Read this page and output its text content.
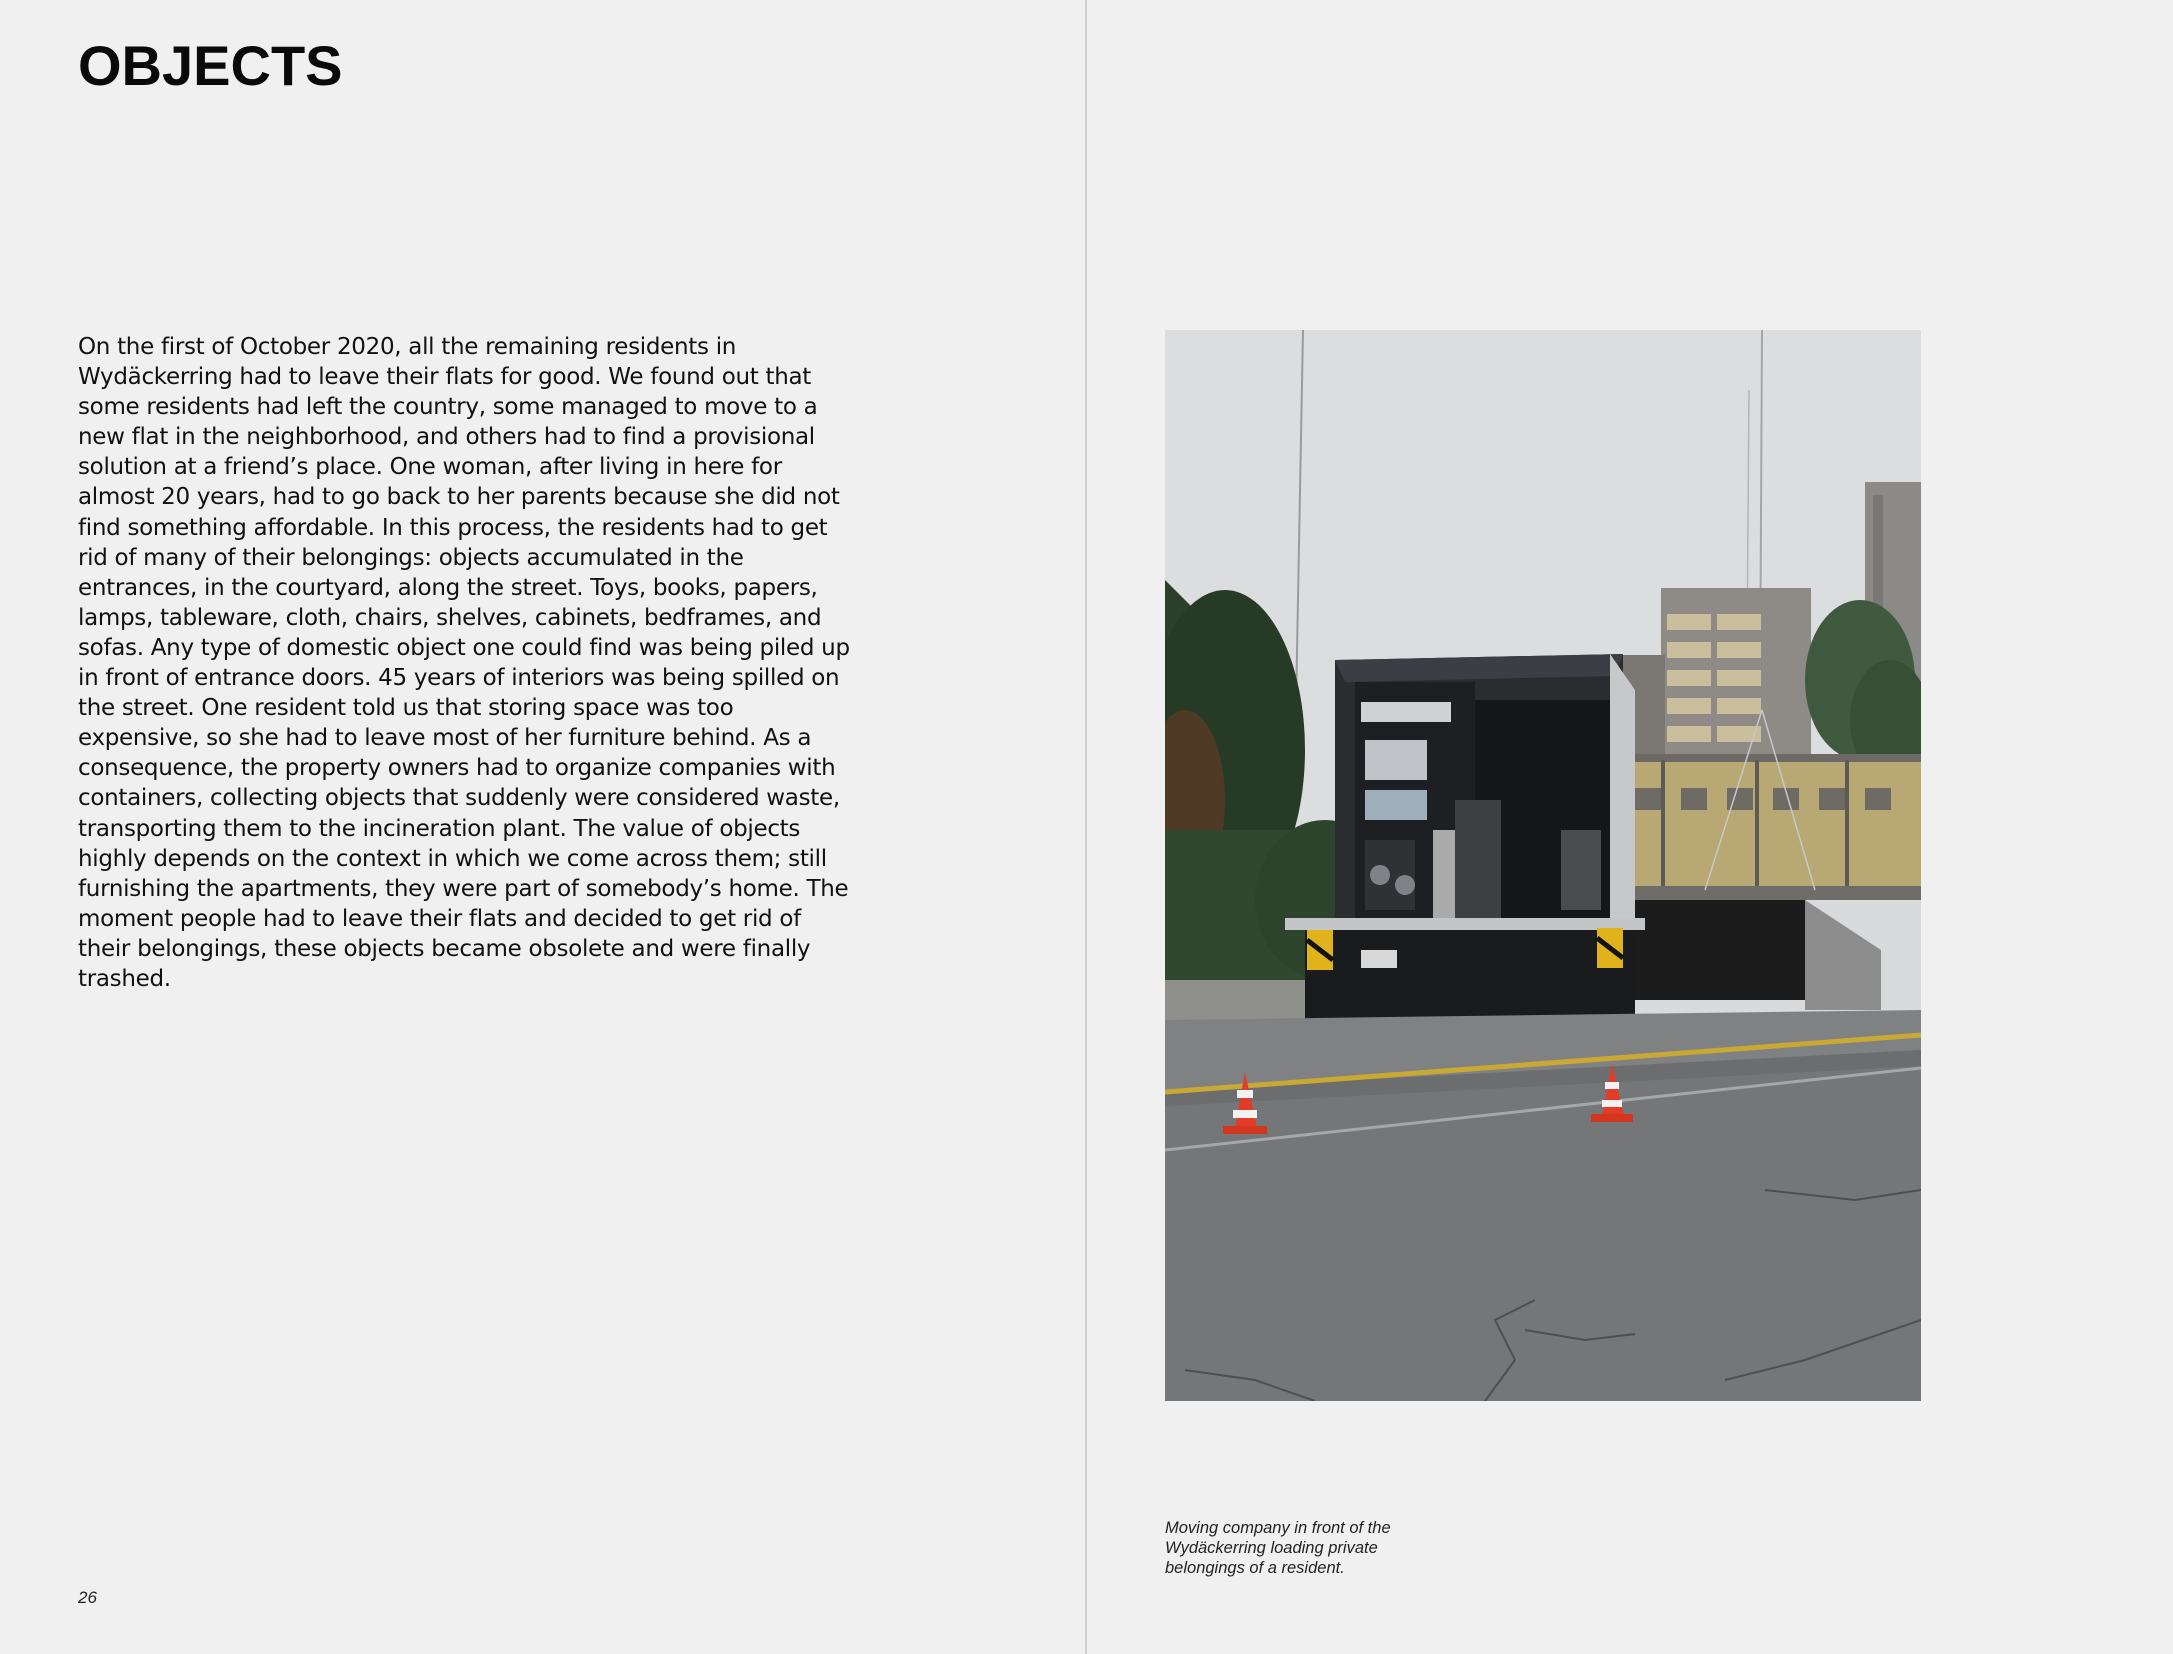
OBJECTS

On the first of October 2020, all the remaining residents in Wydäckerring had to leave their flats for good. We found out that some residents had left the country, some managed to move to a new flat in the neighborhood, and others had to find a provisional solution at a friend’s place. One woman, after living in here for almost 20 years, had to go back to her parents because she did not find something affordable. In this process, the residents had to get rid of many of their belongings: objects accumulated in the entrances, in the courtyard, along the street. Toys, books, papers, lamps, tableware, cloth, chairs, shelves, cabinets, bedframes, and sofas. Any type of domestic object one could find was being piled up in front of entrance doors. 45 years of interiors was being spilled on the street. One resident told us that storing space was too expensive, so she had to leave most of her furniture behind. As a consequence, the property owners had to organize companies with containers, collecting objects that suddenly were considered waste, transporting them to the incineration plant. The value of objects highly depends on the context in which we come across them; still furnishing the apartments, they were part of somebody’s home. The moment people had to leave their flats and decided to get rid of their belongings, these objects became obsolete and were finally trashed.

26

Moving company in front of the Wydäckerring loading private belongings of a resident.
